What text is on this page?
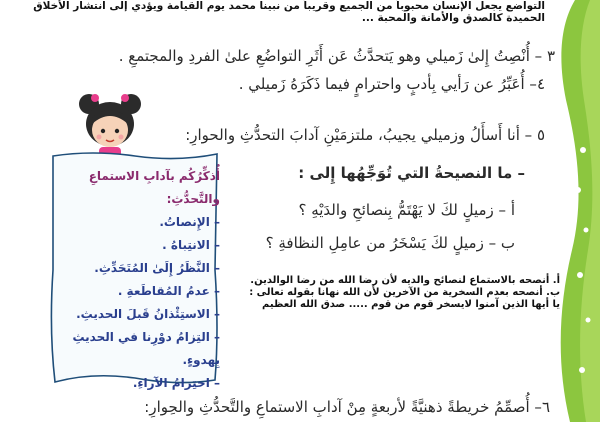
التواضع يجعل الإنسان محبوباً من الجميع وقريباً من نبينا محمد يوم القيامة ويؤدي إلى انتشار الأخلاق الحميدة كالصدق والأمانة والمحبة ...
٣ – أُنْصِتُ إِلىٰ زَميلي وهو يَتحدَّثُ عَن أَثَرِ التواضُعِ علىٰ الفردِ والمجتمعِ .
٤– أُعَبِّرُ عن رَأيي بِأدبٍ واحترامٍ فيما ذَكَرَهُ زَميلي .
٥ – أنا أَسأَلُ وزميلي يجيبُ، ملتزمَيْنِ آدابَ التحدُّثِ والحوارِ:
– ما النصيحةُ التي تُوَجِّهُها إِلى :
أ – زميلٍ لكَ لا يَهْتَمُّ بِنصائحِ والدَيْهِ ؟
ب – زميلٍ لكَ يَسْخَرُ من عامِلِ النظافةِ ؟
أ. أنصحه بالاستماع لنصائح والديه لأن رضا الله من رضا الوالدين.
ب. أنصحه بعدم السخرية من الآخرين لأن الله نهانا بقوله تعالى :
يا أيها الذين آمنوا لايسخر قوم من قوم ..... صدق الله العظيم
أُذكِّرُكُم بآدابِ الاستماعِ والتَّحدُّثِ:
– الإِنصاتُ.
– الانتِباهُ .
– النَّظَرُ إِلَىٰ المُتَحَدِّثِ.
– عدمُ المُقاطَعةِ .
– الاستِئْذانُ قَبلَ الحديثِ.
– التِزامُ دوْرِنا في الحديثِ بِهدوءٍ.
– احتِرامُ الآراءِ.
٦– أُصمِّمُ خريطةً ذهنيَّةً لأربعةٍ مِنْ آدابِ الاستماعِ والتَّحدُّثِ والحِوارِ:
